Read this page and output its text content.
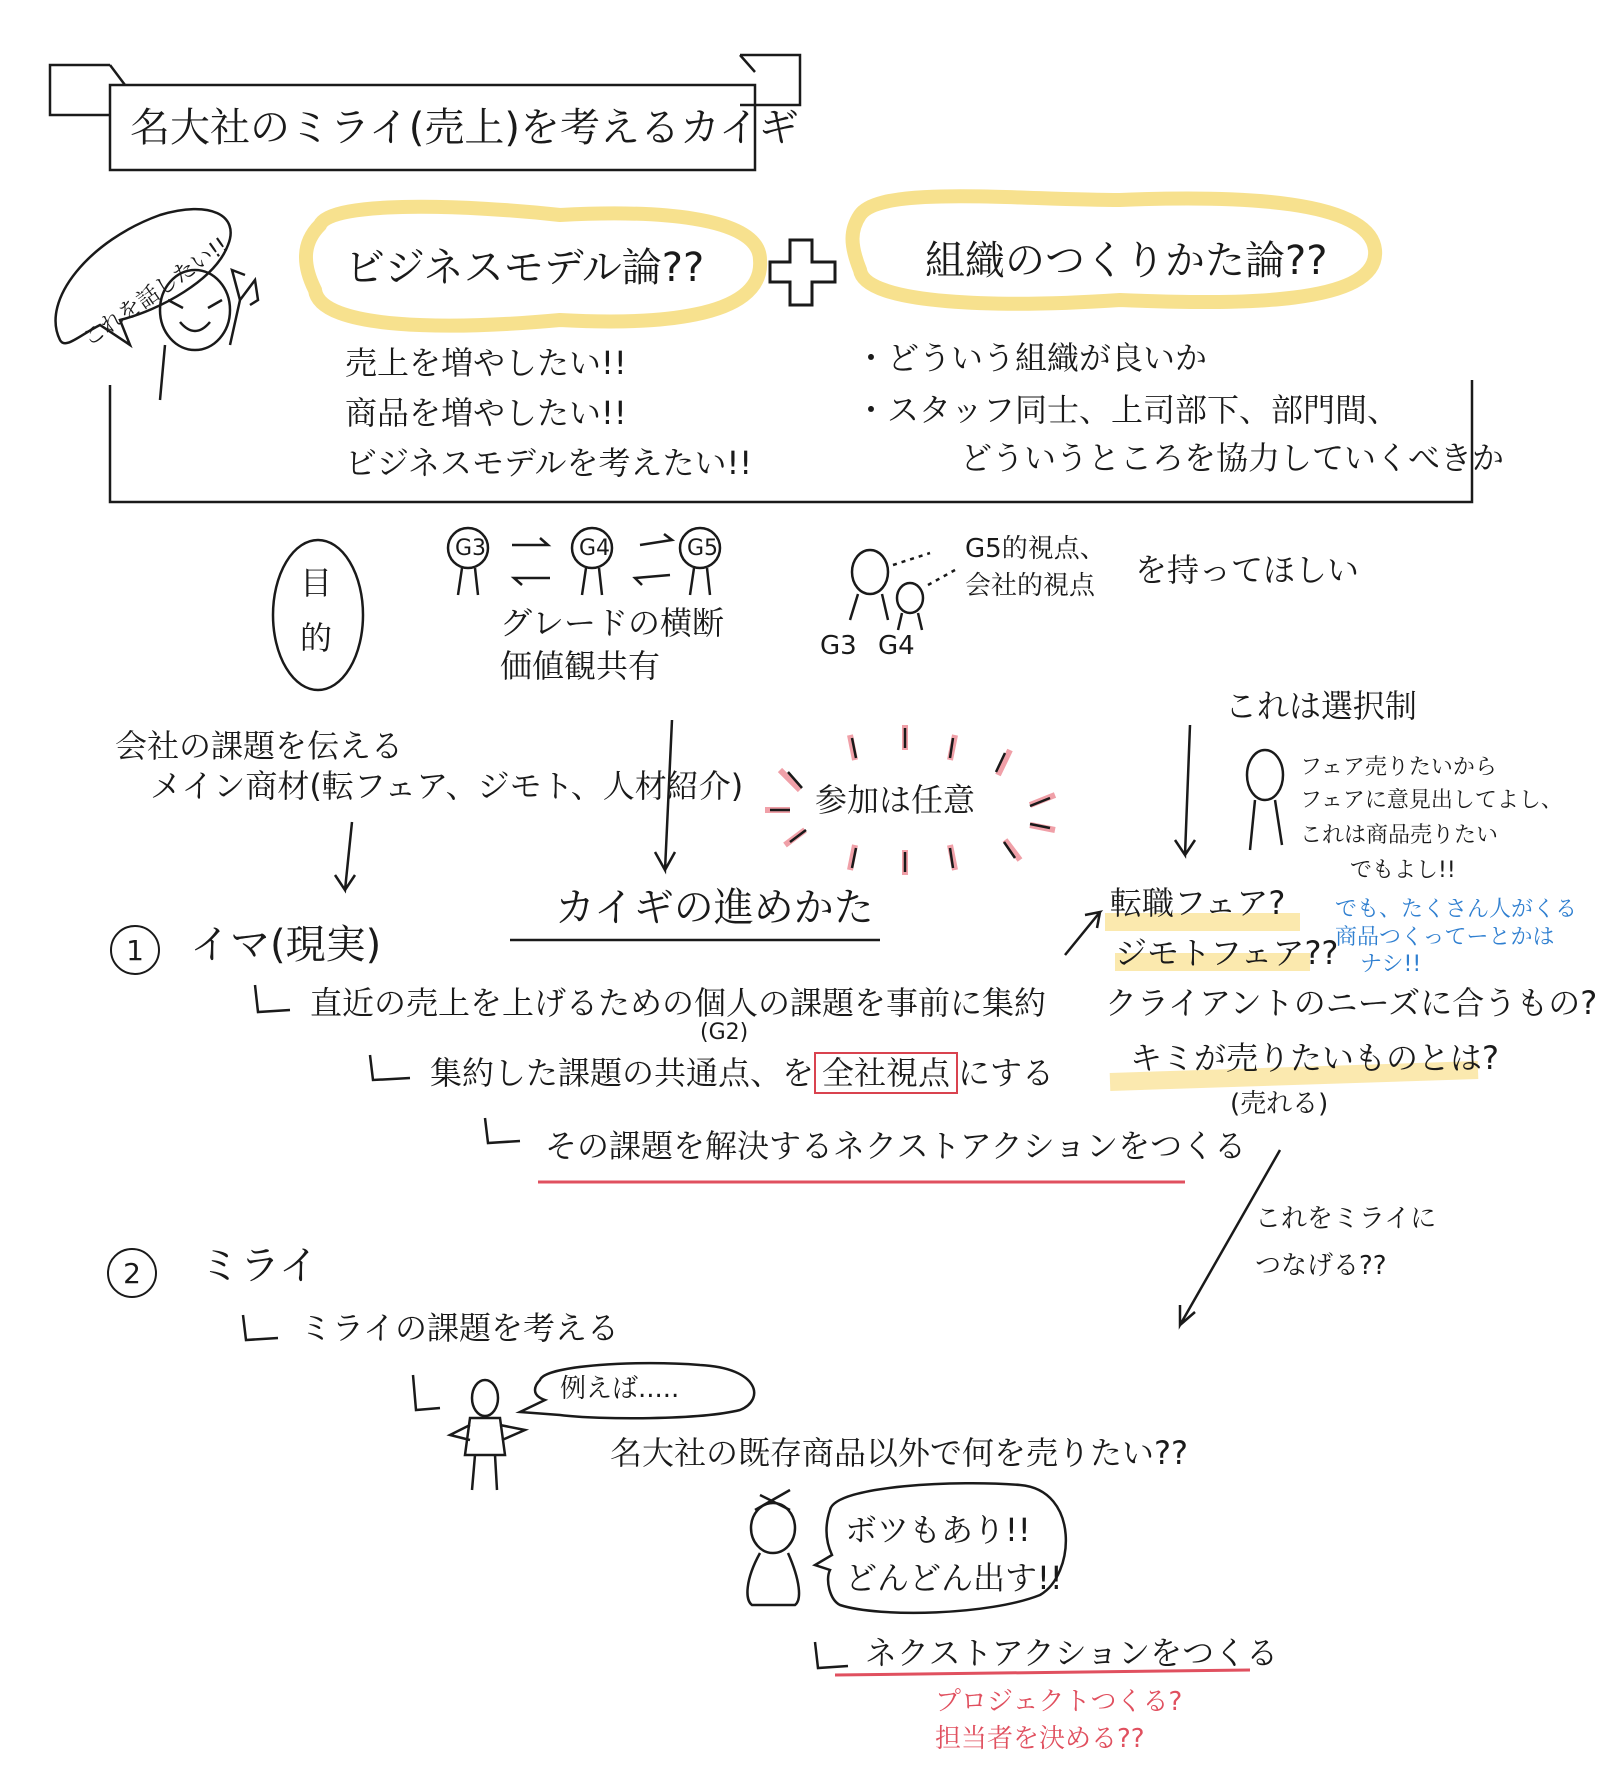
名大社のミライ(売上)を考えるカイギ
これを話したい!!	ビジネスモデル論??
売上を増やしたい!!
商品を増やしたい!!
ビジネスモデルを考えたい!!
組織のつくりかた論??
・どういう組織が良いか
・スタッフ同士、上司部下、部門間、
どういうところを協力していくべきか
目
的
会社の課題を伝える
メイン商材(転フェア、ジモト、人材紹介)
G3	G4	G5
グレードの横断
価値観共有
G5的視点、
会社的視点 を持ってほしい
G3 G4
参加は任意
これは選択制
フェア売りたいから
フェアに意見出してよし、
これは商品売りたい
でもよし!!
でも、たくさん人がくる
商品つくってーとかは
ナシ!!
転職フェア?
ジモトフェア??
クライアントのニーズに合うもの?
キミが売りたいものとは?
(売れる)
カイギの進めかた
1	イマ(現実)
直近の売上を上げるための個人の課題を事前に集約
(G2)
集約した課題の共通点、を 全社視点 にする
その課題を解決するネクストアクションをつくる
これをミライに
つなげる??
2	ミライ
ミライの課題を考える
例えば.....
名大社の既存商品以外で何を売りたい??
ボツもあり!!
どんどん出す!!
ネクストアクションをつくる
プロジェクトつくる?
担当者を決める??
